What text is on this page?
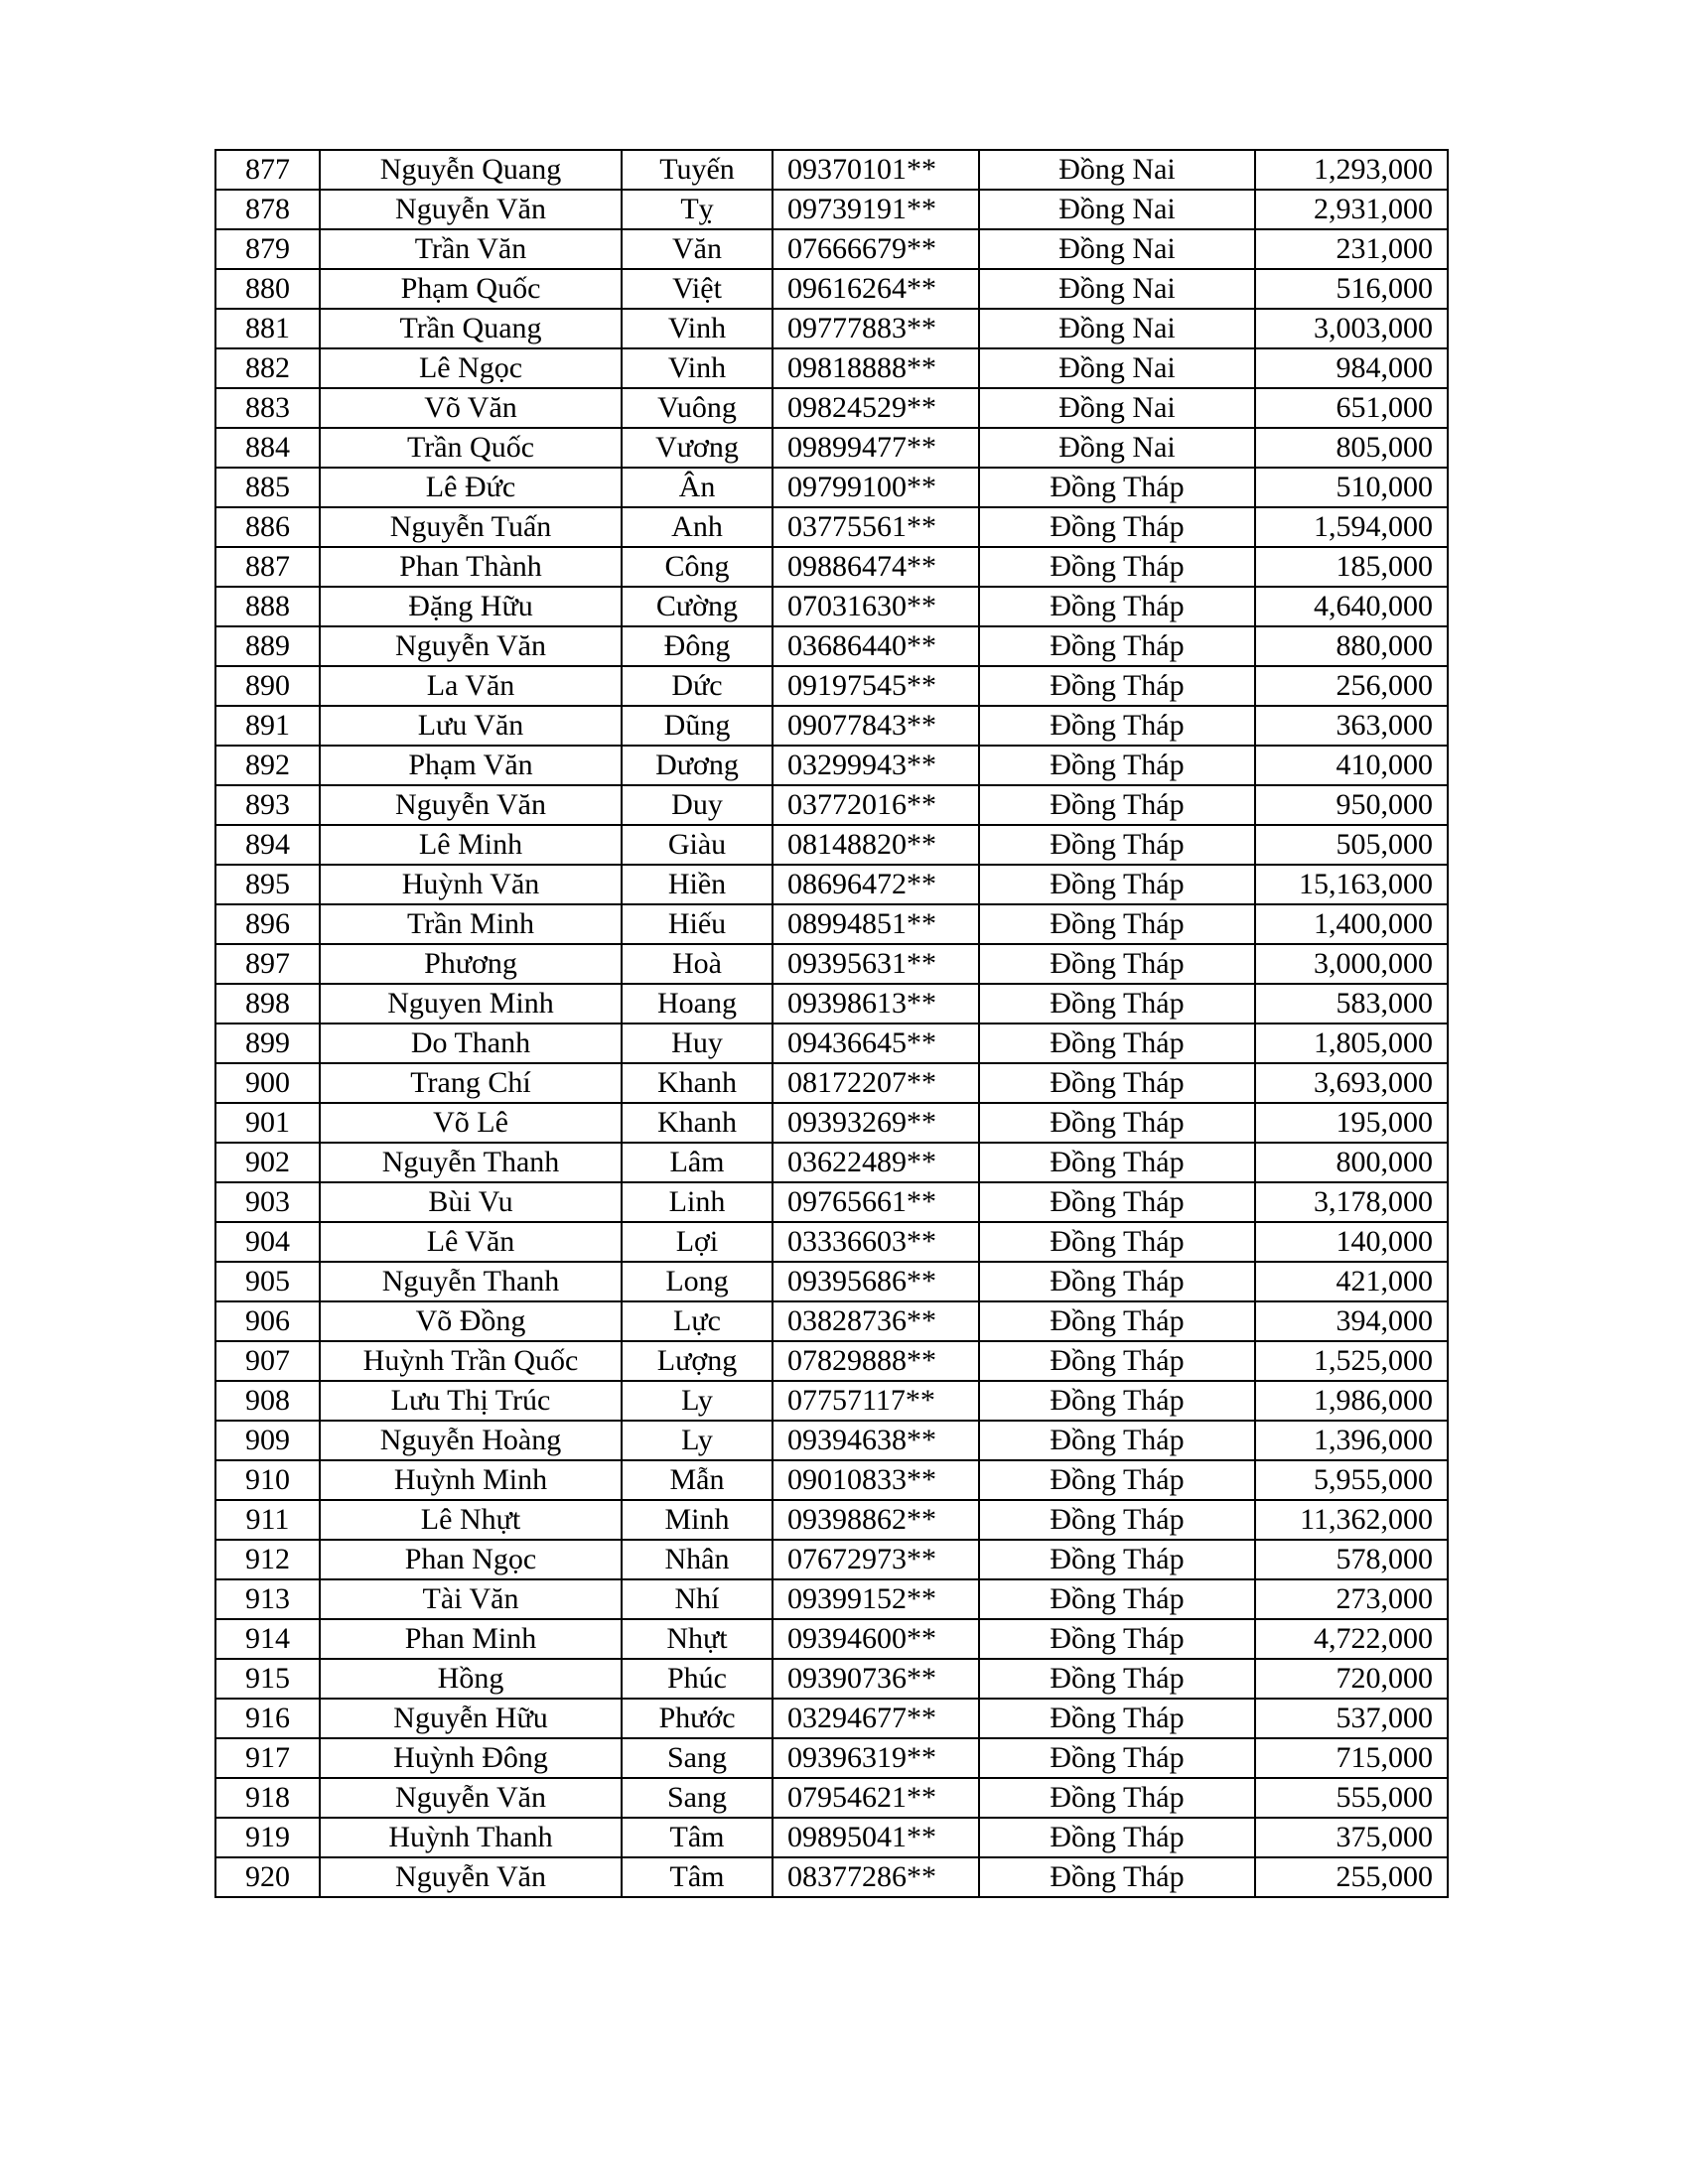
877	Nguyễn Quang	Tuyến	09370101**	Đồng Nai	1,293,000
878	Nguyễn Văn	Tỵ	09739191**	Đồng Nai	2,931,000
879	Trần Văn	Văn	07666679**	Đồng Nai	231,000
880	Phạm Quốc	Việt	09616264**	Đồng Nai	516,000
881	Trần Quang	Vinh	09777883**	Đồng Nai	3,003,000
882	Lê Ngọc	Vinh	09818888**	Đồng Nai	984,000
883	Võ Văn	Vuông	09824529**	Đồng Nai	651,000
884	Trần Quốc	Vương	09899477**	Đồng Nai	805,000
885	Lê Đức	Ân	09799100**	Đồng Tháp	510,000
886	Nguyễn Tuấn	Anh	03775561**	Đồng Tháp	1,594,000
887	Phan Thành	Công	09886474**	Đồng Tháp	185,000
888	Đặng Hữu	Cường	07031630**	Đồng Tháp	4,640,000
889	Nguyễn Văn	Đông	03686440**	Đồng Tháp	880,000
890	La Văn	Dức	09197545**	Đồng Tháp	256,000
891	Lưu Văn	Dũng	09077843**	Đồng Tháp	363,000
892	Phạm Văn	Dương	03299943**	Đồng Tháp	410,000
893	Nguyễn Văn	Duy	03772016**	Đồng Tháp	950,000
894	Lê Minh	Giàu	08148820**	Đồng Tháp	505,000
895	Huỳnh Văn	Hiền	08696472**	Đồng Tháp	15,163,000
896	Trần Minh	Hiếu	08994851**	Đồng Tháp	1,400,000
897	Phương	Hoà	09395631**	Đồng Tháp	3,000,000
898	Nguyen Minh	Hoang	09398613**	Đồng Tháp	583,000
899	Do Thanh	Huy	09436645**	Đồng Tháp	1,805,000
900	Trang Chí	Khanh	08172207**	Đồng Tháp	3,693,000
901	Võ Lê	Khanh	09393269**	Đồng Tháp	195,000
902	Nguyễn Thanh	Lâm	03622489**	Đồng Tháp	800,000
903	Bùi Vu	Linh	09765661**	Đồng Tháp	3,178,000
904	Lê Văn	Lợi	03336603**	Đồng Tháp	140,000
905	Nguyễn Thanh	Long	09395686**	Đồng Tháp	421,000
906	Võ Đồng	Lực	03828736**	Đồng Tháp	394,000
907	Huỳnh Trần Quốc	Lượng	07829888**	Đồng Tháp	1,525,000
908	Lưu Thị Trúc	Ly	07757117**	Đồng Tháp	1,986,000
909	Nguyễn Hoàng	Ly	09394638**	Đồng Tháp	1,396,000
910	Huỳnh Minh	Mẫn	09010833**	Đồng Tháp	5,955,000
911	Lê Nhựt	Minh	09398862**	Đồng Tháp	11,362,000
912	Phan Ngọc	Nhân	07672973**	Đồng Tháp	578,000
913	Tài Văn	Nhí	09399152**	Đồng Tháp	273,000
914	Phan Minh	Nhựt	09394600**	Đồng Tháp	4,722,000
915	Hồng	Phúc	09390736**	Đồng Tháp	720,000
916	Nguyễn Hữu	Phước	03294677**	Đồng Tháp	537,000
917	Huỳnh Đông	Sang	09396319**	Đồng Tháp	715,000
918	Nguyễn Văn	Sang	07954621**	Đồng Tháp	555,000
919	Huỳnh Thanh	Tâm	09895041**	Đồng Tháp	375,000
920	Nguyễn Văn	Tâm	08377286**	Đồng Tháp	255,000
